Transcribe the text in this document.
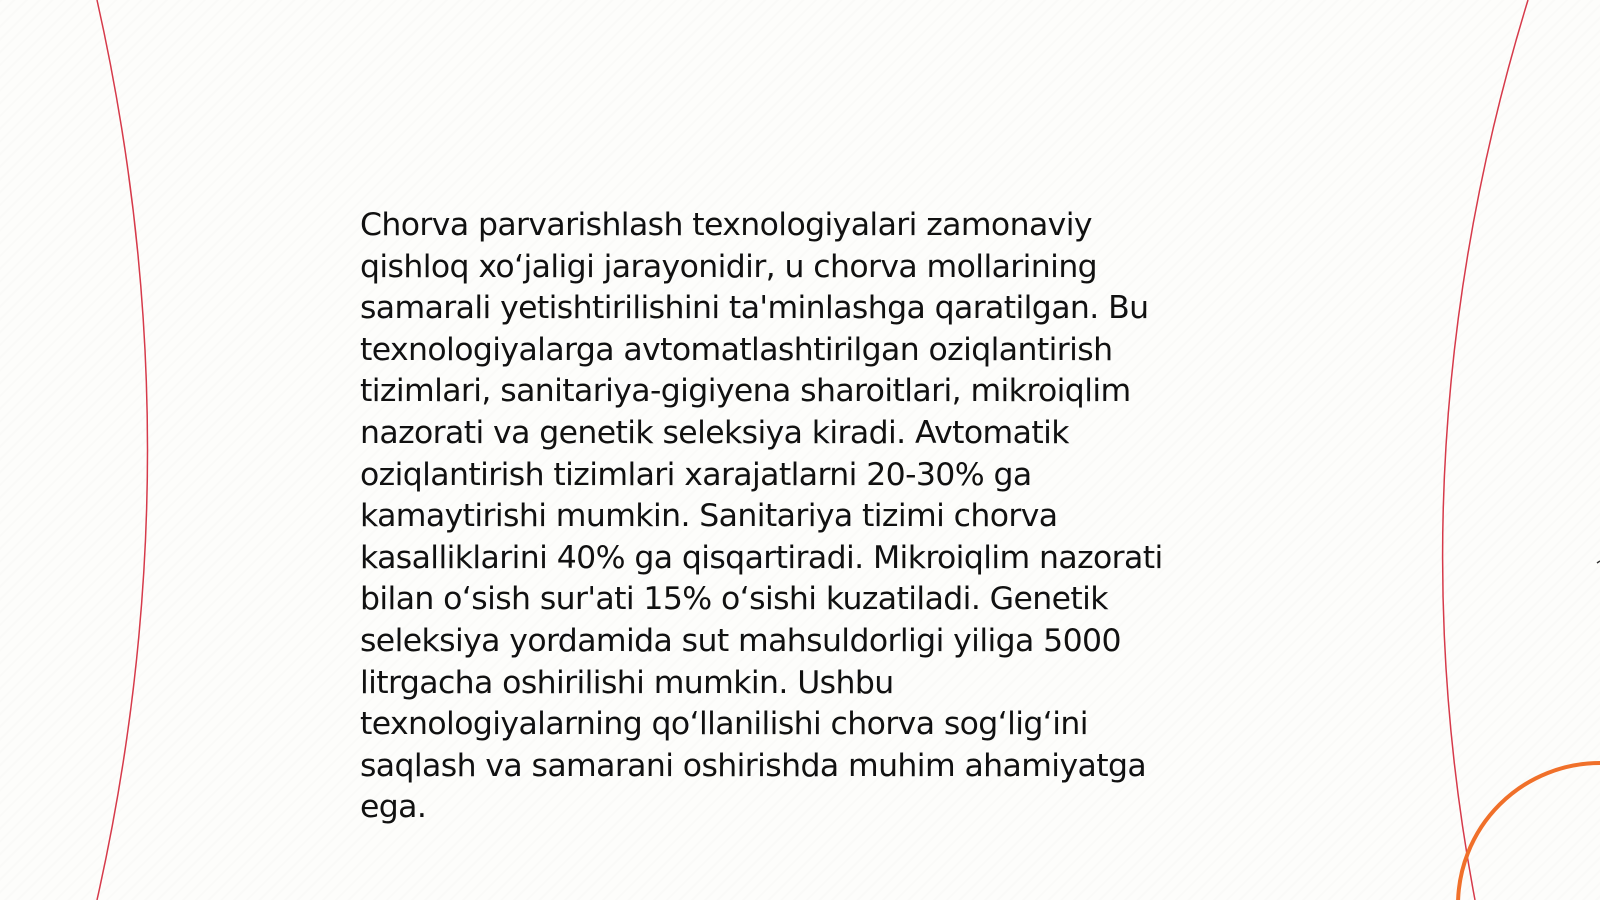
Chorva parvarishlash texnologiyalari zamonaviy
qishloq xo‘jaligi jarayonidir, u chorva mollarining
samarali yetishtirilishini ta'minlashga qaratilgan. Bu
texnologiyalarga avtomatlashtirilgan oziqlantirish
tizimlari, sanitariya-gigiyena sharoitlari, mikroiqlim
nazorati va genetik seleksiya kiradi. Avtomatik
oziqlantirish tizimlari xarajatlarni 20-30% ga
kamaytirishi mumkin. Sanitariya tizimi chorva
kasalliklarini 40% ga qisqartiradi. Mikroiqlim nazorati
bilan o‘sish sur'ati 15% o‘sishi kuzatiladi. Genetik
seleksiya yordamida sut mahsuldorligi yiliga 5000
litrgacha oshirilishi mumkin. Ushbu
texnologiyalarning qo‘llanilishi chorva sog‘lig‘ini
saqlash va samarani oshirishda muhim ahamiyatga
ega.
